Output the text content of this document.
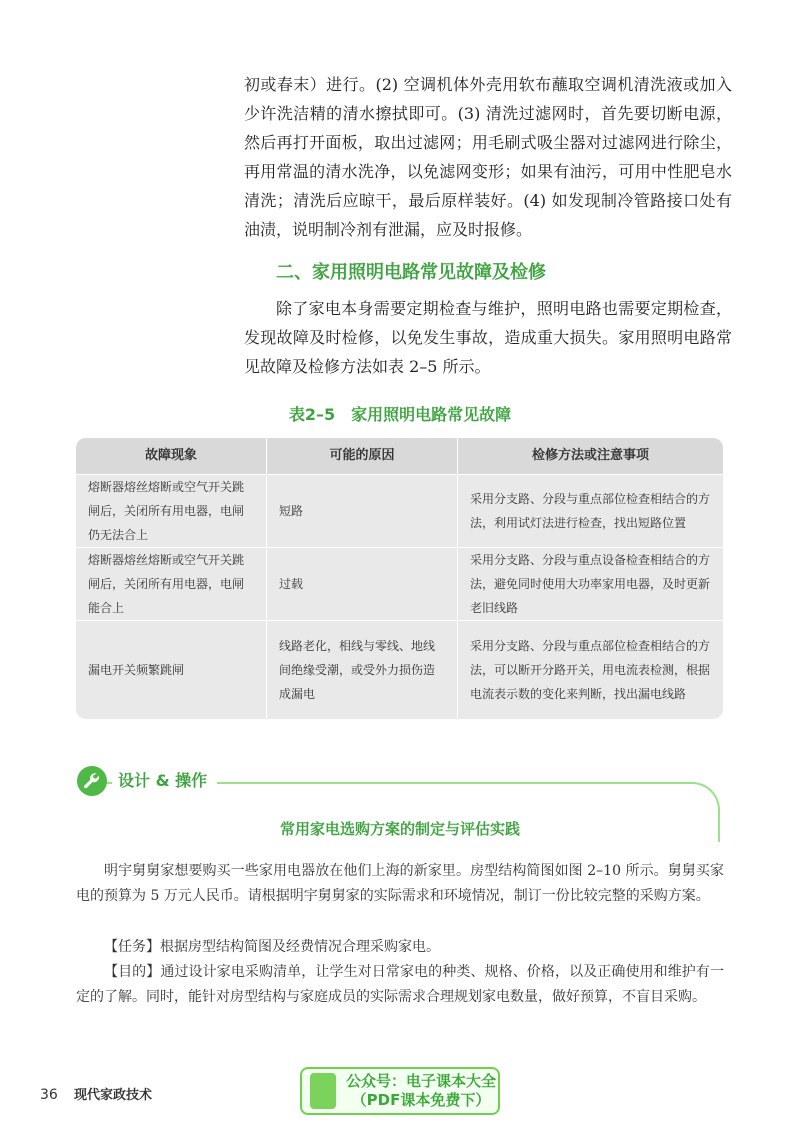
初或春末）进行。(2) 空调机体外壳用软布蘸取空调机清洗液或加入少许洗洁精的清水擦拭即可。(3) 清洗过滤网时，首先要切断电源，然后再打开面板，取出过滤网；用毛刷式吸尘器对过滤网进行除尘，再用常温的清水洗净，以免滤网变形；如果有油污，可用中性肥皂水清洗；清洗后应晾干，最后原样装好。(4) 如发现制冷管路接口处有油渍，说明制冷剂有泄漏，应及时报修。

二、家用照明电路常见故障及检修

除了家电本身需要定期检查与维护，照明电路也需要定期检查，发现故障及时检修，以免发生事故，造成重大损失。家用照明电路常见故障及检修方法如表 2–5 所示。

表2–5　家用照明电路常见故障
故障现象	可能的原因	检修方法或注意事项
熔断器熔丝熔断或空气开关跳闸后，关闭所有用电器，电闸仍无法合上
短路
采用分支路、分段与重点部位检查相结合的方法，利用试灯法进行检查，找出短路位置
熔断器熔丝熔断或空气开关跳闸后，关闭所有用电器，电闸能合上
过载
采用分支路、分段与重点设备检查相结合的方法，避免同时使用大功率家用电器，及时更新老旧线路
漏电开关频繁跳闸
线路老化，相线与零线、地线间绝缘受潮，或受外力损伤造成漏电
采用分支路、分段与重点部位检查相结合的方法，可以断开分路开关，用电流表检测，根据电流表示数的变化来判断，找出漏电线路
设计 & 操作
常用家电选购方案的制定与评估实践

明宇舅舅家想要购买一些家用电器放在他们上海的新家里。房型结构简图如图 2–10 所示。舅舅买家电的预算为 5 万元人民币。请根据明宇舅舅家的实际需求和环境情况，制订一份比较完整的采购方案。

【任务】根据房型结构简图及经费情况合理采购家电。

【目的】通过设计家电采购清单，让学生对日常家电的种类、规格、价格，以及正确使用和维护有一定的了解。同时，能针对房型结构与家庭成员的实际需求合理规划家电数量，做好预算，不盲目采购。

36 现代家政技术

公众号：电子课本大全
（PDF课本免费下）
